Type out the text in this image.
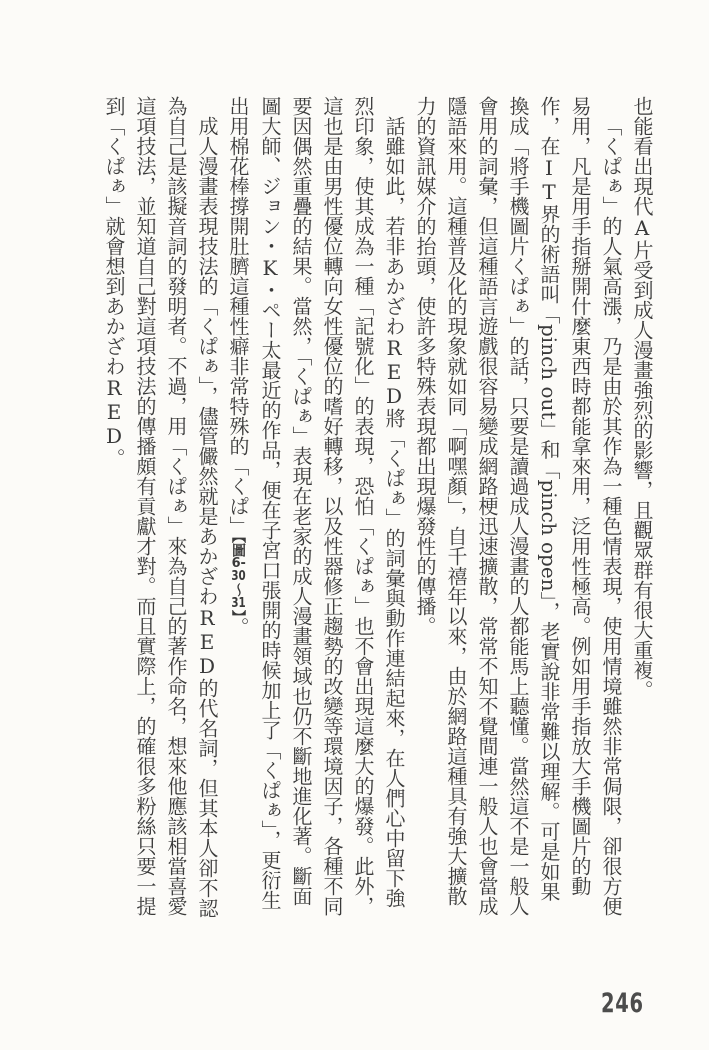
也能看出現代A片受到成人漫畫強烈的影響，且觀眾群有很大重複。

「くぱぁ」的人氣高漲，乃是由於其作為一種色情表現，使用情境雖然非常侷限，卻很方便易用，凡是用手指掰開什麼東西時都能拿來用，泛用性極高。例如用手指放大手機圖片的動作，在IT界的術語叫「pinch out」和「pinch open」，老實說非常難以理解。可是如果換成「將手機圖片くぱぁ」的話，只要是讀過成人漫畫的人都能馬上聽懂。當然這不是一般人會用的詞彙，但這種語言遊戲很容易變成網路梗迅速擴散，常常不知不覺間連一般人也會當成隱語來用。這種普及化的現象就如同「啊嘿顏」，自千禧年以來，由於網路這種具有強大擴散力的資訊媒介的抬頭，使許多特殊表現都出現爆發性的傳播。

話雖如此，若非あかざわRED將「くぱぁ」的詞彙與動作連結起來，在人們心中留下強烈印象，使其成為一種「記號化」的表現，恐怕「くぱぁ」也不會出現這麼大的爆發。此外，這也是由男性優位轉向女性優位的嗜好轉移，以及性器修正趨勢的改變等環境因子，各種不同要因偶然重疊的結果。當然，「くぱぁ」表現在老家的成人漫畫領域也仍不斷地進化著。斷面圖大師、ジョン・K・ペー太最近的作品，便在子宮口張開的時候加上了「くぱぁ」，更衍生出用棉花棒撐開肚臍這種性癖非常特殊的「くぱ」【圖6-30～31】。

成人漫畫表現技法的「くぱぁ」，儘管儼然就是あかざわRED的代名詞，但其本人卻不認為自己是該擬音詞的發明者。不過，用「くぱぁ」來為自己的著作命名，想來他應該相當喜愛這項技法，並知道自己對這項技法的傳播頗有貢獻才對。而且實際上，的確很多粉絲只要一提到「くぱぁ」就會想到あかざわRED。

246
